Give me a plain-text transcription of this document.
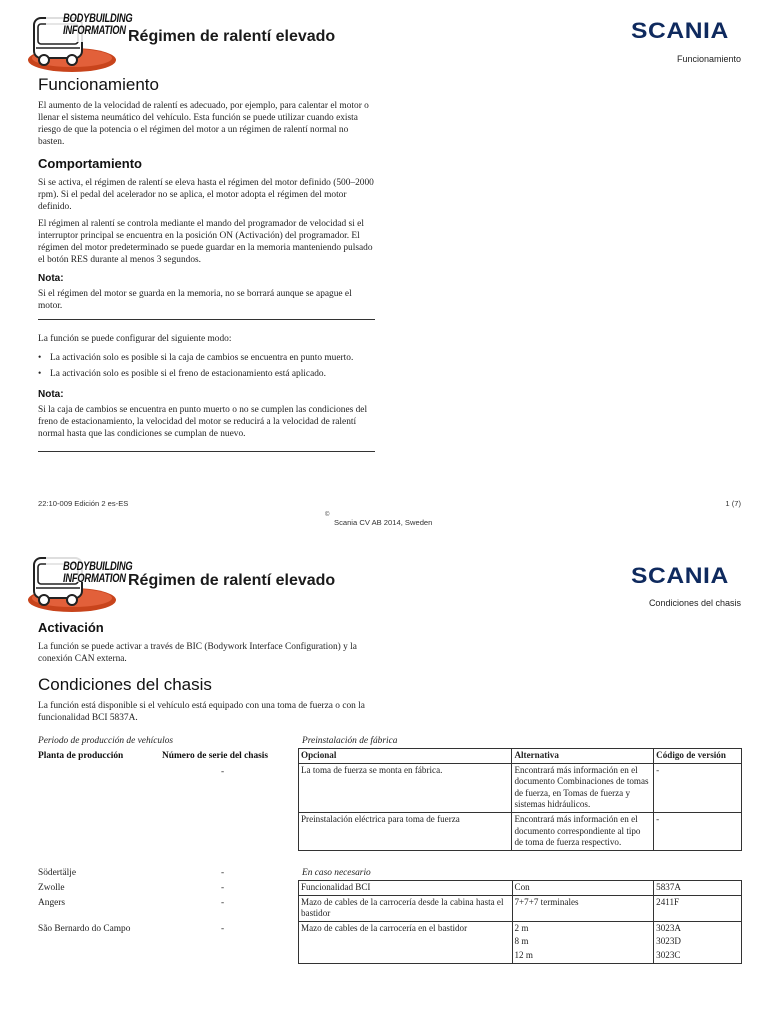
BODYBUILDING
INFORMATION Régimen de ralentí elevado	SCANIA
Funcionamiento
Funcionamiento
El aumento de la velocidad de ralentí es adecuado, por ejemplo, para calentar el motor o llenar el sistema neumático del vehículo. Esta función se puede utilizar cuando exista riesgo de que la potencia o el régimen del motor a un régimen de ralentí normal no basten.
Comportamiento
Si se activa, el régimen de ralentí se eleva hasta el régimen del motor definido (500–2000 rpm). Si el pedal del acelerador no se aplica, el motor adopta el régimen del motor definido.
El régimen al ralentí se controla mediante el mando del programador de velocidad si el interruptor principal se encuentra en la posición ON (Activación) del programador. El régimen del motor predeterminado se puede guardar en la memoria manteniendo pulsado el botón RES durante al menos 3 segundos.
Nota:
Si el régimen del motor se guarda en la memoria, no se borrará aunque se apague el motor.
La función se puede configurar del siguiente modo:
• La activación solo es posible si la caja de cambios se encuentra en punto muerto.
• La activación solo es posible si el freno de estacionamiento está aplicado.
Nota:
Si la caja de cambios se encuentra en punto muerto o no se cumplen las condiciones del freno de estacionamiento, la velocidad del motor se reducirá a la velocidad de ralentí normal hasta que las condiciones se cumplan de nuevo.
22:10-009 Edición 2 es-ES	1 (7)
©
Scania CV AB 2014, Sweden
BODYBUILDING
INFORMATION Régimen de ralentí elevado	SCANIA
Condiciones del chasis
Activación
La función se puede activar a través de BIC (Bodywork Interface Configuration) y la conexión CAN externa.
Condiciones del chasis
La función está disponible si el vehículo está equipado con una toma de fuerza o con la funcionalidad BCI 5837A.
Periodo de producción de vehículos
Planta de producción	Número de serie del chasis
-
Södertälje	-
Zwolle	-
Angers	-
São Bernardo do Campo	-
Preinstalación de fábrica
Opcional	Alternativa	Código de versión
La toma de fuerza se monta en fábrica.	Encontrará más información en el documento Combinaciones de tomas de fuerza, en Tomas de fuerza y sistemas hidráulicos.	-
Preinstalación eléctrica para toma de fuerza	Encontrará más información en el documento correspondiente al tipo de toma de fuerza respectivo.	-
En caso necesario
Funcionalidad BCI	Con	5837A
Mazo de cables de la carrocería desde la cabina hasta el bastidor	7+7+7 terminales	2411F
Mazo de cables de la carrocería en el bastidor	2 m	3023A
	8 m	3023D
	12 m	3023C
